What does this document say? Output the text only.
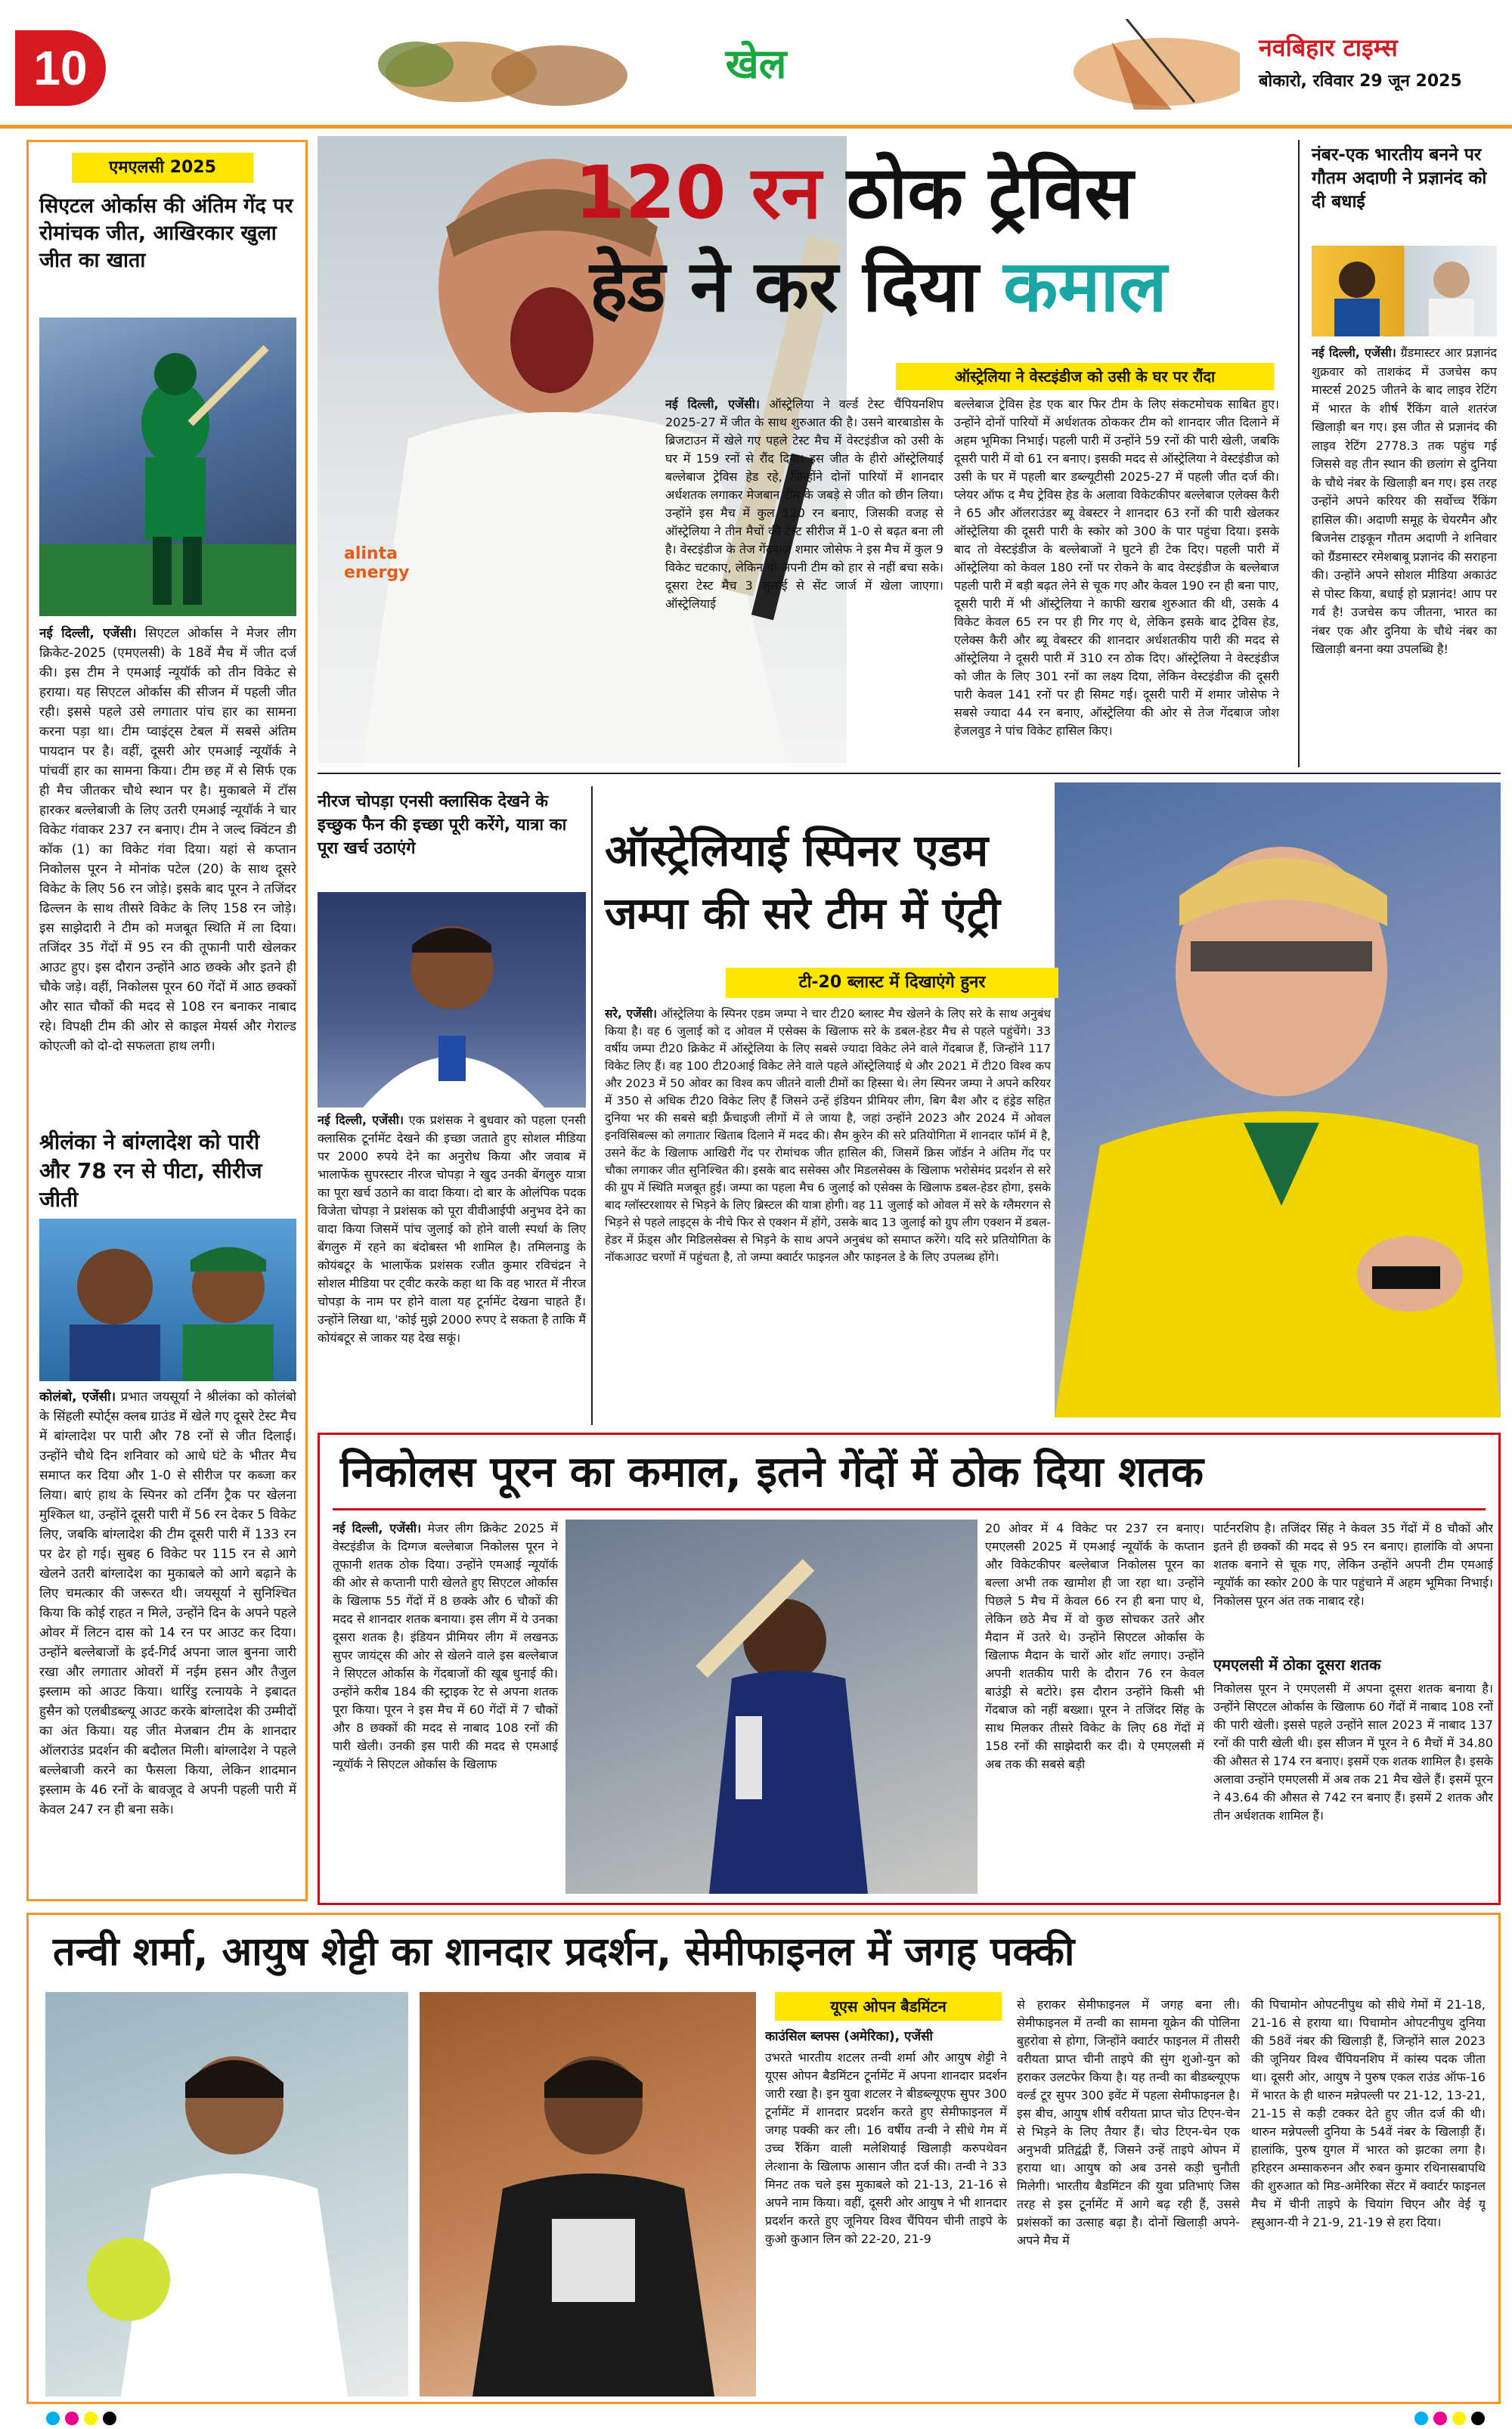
10	खेल	नवबिहार टाइम्स
बोकारो, रविवार 29 जून 2025
एमएलसी 2025
सिएटल ओर्कास की अंतिम गेंद पर रोमांचक जीत, आखिरकार खुला जीत का खाता
नई दिल्ली, एजेंसी। सिएटल ओर्कास ने मेजर लीग क्रिकेट-2025 (एमएलसी) के 18वें मैच में जीत दर्ज की। इस टीम ने एमआई न्यूयॉर्क को तीन विकेट से हराया। यह सिएटल ओर्कास की सीजन में पहली जीत रही। इससे पहले उसे लगातार पांच हार का सामना करना पड़ा था। टीम प्वाइंट्स टेबल में सबसे अंतिम पायदान पर है। वहीं, दूसरी ओर एमआई न्यूयॉर्क ने पांचवीं हार का सामना किया। टीम छह में से सिर्फ एक ही मैच जीतकर चौथे स्थान पर है। मुकाबले में टॉस हारकर बल्लेबाजी के लिए उतरी एमआई न्यूयॉर्क ने चार विकेट गंवाकर 237 रन बनाए। टीम ने जल्द क्विंटन डी कॉक (1) का विकेट गंवा दिया। यहां से कप्तान निकोलस पूरन ने मोनांक पटेल (20) के साथ दूसरे विकेट के लिए 56 रन जोड़े। इसके बाद पूरन ने तजिंदर ढिल्लन के साथ तीसरे विकेट के लिए 158 रन जोड़े। इस साझेदारी ने टीम को मजबूत स्थिति में ला दिया। तजिंदर 35 गेंदों में 95 रन की तूफानी पारी खेलकर आउट हुए। इस दौरान उन्होंने आठ छक्के और इतने ही चौके जड़े। वहीं, निकोलस पूरन 60 गेंदों में आठ छक्कों और सात चौकों की मदद से 108 रन बनाकर नाबाद रहे। विपक्षी टीम की ओर से काइल मेयर्स और गेराल्ड कोएत्जी को दो-दो सफलता हाथ लगी।
श्रीलंका ने बांग्लादेश को पारी और 78 रन से पीटा, सीरीज जीती
कोलंबो, एजेंसी। प्रभात जयसूर्या ने श्रीलंका को कोलंबो के सिंहली स्पोर्ट्स क्लब ग्राउंड में खेले गए दूसरे टेस्ट मैच में बांग्लादेश पर पारी और 78 रनों से जीत दिलाई। उन्होंने चौथे दिन शनिवार को आधे घंटे के भीतर मैच समाप्त कर दिया और 1-0 से सीरीज पर कब्जा कर लिया। बाएं हाथ के स्पिनर को टर्निंग ट्रैक पर खेलना मुश्किल था, उन्होंने दूसरी पारी में 56 रन देकर 5 विकेट लिए, जबकि बांग्लादेश की टीम दूसरी पारी में 133 रन पर ढेर हो गई। सुबह 6 विकेट पर 115 रन से आगे खेलने उतरी बांग्लादेश का मुकाबले को आगे बढ़ाने के लिए चमत्कार की जरूरत थी। जयसूर्या ने सुनिश्चित किया कि कोई राहत न मिले, उन्होंने दिन के अपने पहले ओवर में लिटन दास को 14 रन पर आउट कर दिया। उन्होंने बल्लेबाजों के इर्द-गिर्द अपना जाल बुनना जारी रखा और लगातार ओवरों में नईम हसन और तैजुल इस्लाम को आउट किया। थारिंडु रत्नायके ने इबादत हुसैन को एलबीडब्ल्यू आउट करके बांग्लादेश की उम्मीदों का अंत किया। यह जीत मेजबान टीम के शानदार ऑलराउंड प्रदर्शन की बदौलत मिली। बांग्लादेश ने पहले बल्लेबाजी करने का फैसला किया, लेकिन शादमान इस्लाम के 46 रनों के बावजूद वे अपनी पहली पारी में केवल 247 रन ही बना सके।
alinta energy
120 रन ठोक ट्रेविस
हेड ने कर दिया कमाल
ऑस्ट्रेलिया ने वेस्टइंडीज को उसी के घर पर रौंदा
नई दिल्ली, एजेंसी। ऑस्ट्रेलिया ने वर्ल्ड टेस्ट चैंपियनशिप 2025-27 में जीत के साथ शुरुआत की है। उसने बारबाडोस के ब्रिजटाउन में खेले गए पहले टेस्ट मैच में वेस्टइंडीज को उसी के घर में 159 रनों से रौंद दिया। इस जीत के हीरो ऑस्ट्रेलियाई बल्लेबाज ट्रेविस हेड रहे, जिन्होंने दोनों पारियों में शानदार अर्धशतक लगाकर मेजबान टीम के जबड़े से जीत को छीन लिया। उन्होंने इस मैच में कुल 120 रन बनाए, जिसकी वजह से ऑस्ट्रेलिया ने तीन मैचों की टेस्ट सीरीज में 1-0 से बढ़त बना ली है। वेस्टइंडीज के तेज गेंदबाज शमार जोसेफ ने इस मैच में कुल 9 विकेट चटकाए, लेकिन वो अपनी टीम को हार से नहीं बचा सके। दूसरा टेस्ट मैच 3 जुलाई से सेंट जार्ज में खेला जाएगा। ऑस्ट्रेलियाई
बल्लेबाज ट्रेविस हेड एक बार फिर टीम के लिए संकटमोचक साबित हुए। उन्होंने दोनों पारियों में अर्धशतक ठोककर टीम को शानदार जीत दिलाने में अहम भूमिका निभाई। पहली पारी में उन्होंने 59 रनों की पारी खेली, जबकि दूसरी पारी में वो 61 रन बनाए। इसकी मदद से ऑस्ट्रेलिया ने वेस्टइंडीज को उसी के घर में पहली बार डब्ल्यूटीसी 2025-27 में पहली जीत दर्ज की। प्लेयर ऑफ द मैच ट्रेविस हेड के अलावा विकेटकीपर बल्लेबाज एलेक्स कैरी ने 65 और ऑलराउंडर ब्यू वेबस्टर ने शानदार 63 रनों की पारी खेलकर ऑस्ट्रेलिया की दूसरी पारी के स्कोर को 300 के पार पहुंचा दिया। इसके बाद तो वेस्टइंडीज के बल्लेबाजों ने घुटने ही टेक दिए। पहली पारी में ऑस्ट्रेलिया को केवल 180 रनों पर रोकने के बाद वेस्टइंडीज के बल्लेबाज पहली पारी में बड़ी बढ़त लेने से चूक गए और केवल 190 रन ही बना पाए, दूसरी पारी में भी ऑस्ट्रेलिया ने काफी खराब शुरुआत की थी, उसके 4 विकेट केवल 65 रन पर ही गिर गए थे, लेकिन इसके बाद ट्रेविस हेड, एलेक्स कैरी और ब्यू वेबस्टर की शानदार अर्धशतकीय पारी की मदद से ऑस्ट्रेलिया ने दूसरी पारी में 310 रन ठोक दिए। ऑस्ट्रेलिया ने वेस्टइंडीज को जीत के लिए 301 रनों का लक्ष्य दिया, लेकिन वेस्टइंडीज की दूसरी पारी केवल 141 रनों पर ही सिमट गई। दूसरी पारी में शमार जोसेफ ने सबसे ज्यादा 44 रन बनाए, ऑस्ट्रेलिया की ओर से तेज गेंदबाज जोश हेजलवुड ने पांच विकेट हासिल किए।
नंबर-एक भारतीय बनने पर गौतम अदाणी ने प्रज्ञानंद को दी बधाई
नई दिल्ली, एजेंसी। ग्रैंडमास्टर आर प्रज्ञानंद शुक्रवार को ताशकंद में उजचेस कप मास्टर्स 2025 जीतने के बाद लाइव रेटिंग में भारत के शीर्ष रैंकिंग वाले शतरंज खिलाड़ी बन गए। इस जीत से प्रज्ञानंद की लाइव रेटिंग 2778.3 तक पहुंच गई जिससे वह तीन स्थान की छलांग से दुनिया के चौथे नंबर के खिलाड़ी बन गए। इस तरह उन्होंने अपने करियर की सर्वोच्च रैंकिंग हासिल की। अदाणी समूह के चेयरमैन और बिजनेस टाइकून गौतम अदाणी ने शनिवार को ग्रैंडमास्टर रमेशबाबू प्रज्ञानंद की सराहना की। उन्होंने अपने सोशल मीडिया अकाउंट से पोस्ट किया, बधाई हो प्रज्ञानंद! आप पर गर्व है! उजचेस कप जीतना, भारत का नंबर एक और दुनिया के चौथे नंबर का खिलाड़ी बनना क्या उपलब्धि है!
नीरज चोपड़ा एनसी क्लासिक देखने के इच्छुक फैन की इच्छा पूरी करेंगे, यात्रा का पूरा खर्च उठाएंगे
नई दिल्ली, एजेंसी। एक प्रशंसक ने बुधवार को पहला एनसी क्लासिक टूर्नामेंट देखने की इच्छा जताते हुए सोशल मीडिया पर 2000 रुपये देने का अनुरोध किया और जवाब में भालाफेंक सुपरस्टार नीरज चोपड़ा ने खुद उनकी बेंगलुरु यात्रा का पूरा खर्च उठाने का वादा किया। दो बार के ओलंपिक पदक विजेता चोपड़ा ने प्रशंसक को पूरा वीवीआईपी अनुभव देने का वादा किया जिसमें पांच जुलाई को होने वाली स्पर्धा के लिए बेंगलुरु में रहने का बंदोबस्त भी शामिल है। तमिलनाडु के कोयंबटूर के भालाफेंक प्रशंसक रजीत कुमार रविचंद्रन ने सोशल मीडिया पर ट्वीट करके कहा था कि वह भारत में नीरज चोपड़ा के नाम पर होने वाला यह टूर्नामेंट देखना चाहते हैं। उन्होंने लिखा था, 'कोई मुझे 2000 रुपए दे सकता है ताकि मैं कोयंबटूर से जाकर यह देख सकूं।
ऑस्ट्रेलियाई स्पिनर एडम
जम्पा की सरे टीम में एंट्री
टी-20 ब्लास्ट में दिखाएंगे हुनर
सरे, एजेंसी। ऑस्ट्रेलिया के स्पिनर एडम जम्पा ने चार टी20 ब्लास्ट मैच खेलने के लिए सरे के साथ अनुबंध किया है। वह 6 जुलाई को द ओवल में एसेक्स के खिलाफ सरे के डबल-हेडर मैच से पहले पहुंचेंगे। 33 वर्षीय जम्पा टी20 क्रिकेट में ऑस्ट्रेलिया के लिए सबसे ज्यादा विकेट लेने वाले गेंदबाज हैं, जिन्होंने 117 विकेट लिए हैं। वह 100 टी20आई विकेट लेने वाले पहले ऑस्ट्रेलियाई थे और 2021 में टी20 विश्व कप और 2023 में 50 ओवर का विश्व कप जीतने वाली टीमों का हिस्सा थे। लेग स्पिनर जम्पा ने अपने करियर में 350 से अधिक टी20 विकेट लिए हैं जिसने उन्हें इंडियन प्रीमियर लीग, बिग बैश और द हंड्रेड सहित दुनिया भर की सबसे बड़ी फ्रैंचाइजी लीगों में ले जाया है, जहां उन्होंने 2023 और 2024 में ओवल इनविंसिबल्स को लगातार खिताब दिलाने में मदद की। सैम कुरेन की सरे प्रतियोगिता में शानदार फॉर्म में है, उसने केंट के खिलाफ आखिरी गेंद पर रोमांचक जीत हासिल की, जिसमें क्रिस जॉर्डन ने अंतिम गेंद पर चौका लगाकर जीत सुनिश्चित की। इसके बाद ससेक्स और मिडलसेक्स के खिलाफ भरोसेमंद प्रदर्शन से सरे की ग्रुप में स्थिति मजबूत हुई। जम्पा का पहला मैच 6 जुलाई को एसेक्स के खिलाफ डबल-हेडर होगा, इसके बाद ग्लॉस्टरशायर से भिड़ने के लिए ब्रिस्टल की यात्रा होगी। वह 11 जुलाई को ओवल में सरे के ग्लैमरगन से भिड़ने से पहले लाइट्स के नीचे फिर से एक्शन में होंगे, उसके बाद 13 जुलाई को ग्रुप लीग एक्शन में डबल-हेडर में फ्रेंड्स और मिडिलसेक्स से भिड़ने के साथ अपने अनुबंध को समाप्त करेंगे। यदि सरे प्रतियोगिता के नॉकआउट चरणों में पहुंचता है, तो जम्पा क्वार्टर फाइनल और फाइनल डे के लिए उपलब्ध होंगे।
निकोलस पूरन का कमाल, इतने गेंदों में ठोक दिया शतक
नई दिल्ली, एजेंसी। मेजर लीग क्रिकेट 2025 में वेस्टइंडीज के दिग्गज बल्लेबाज निकोलस पूरन ने तूफानी शतक ठोक दिया। उन्होंने एमआई न्यूयॉर्क की ओर से कप्तानी पारी खेलते हुए सिएटल ओर्कास के खिलाफ 55 गेंदों में 8 छक्के और 6 चौकों की मदद से शानदार शतक बनाया। इस लीग में ये उनका दूसरा शतक है। इंडियन प्रीमियर लीग में लखनऊ सुपर जायंट्स की ओर से खेलने वाले इस बल्लेबाज ने सिएटल ओर्कास के गेंदबाजों की खूब धुनाई की। उन्होंने करीब 184 की स्ट्राइक रेट से अपना शतक पूरा किया। पूरन ने इस मैच में 60 गेंदों में 7 चौकों और 8 छक्कों की मदद से नाबाद 108 रनों की पारी खेली। उनकी इस पारी की मदद से एमआई न्यूयॉर्क ने सिएटल ओर्कास के खिलाफ
20 ओवर में 4 विकेट पर 237 रन बनाए। एमएलसी 2025 में एमआई न्यूयॉर्क के कप्तान और विकेटकीपर बल्लेबाज निकोलस पूरन का बल्ला अभी तक खामोश ही जा रहा था। उन्होंने पिछले 5 मैच में केवल 66 रन ही बना पाए थे, लेकिन छठे मैच में वो कुछ सोचकर उतरे और मैदान में उतरे थे। उन्होंने सिएटल ओर्कास के खिलाफ मैदान के चारों ओर शॉट लगाए। उन्होंने अपनी शतकीय पारी के दौरान 76 रन केवल बाउंड्री से बटोरे। इस दौरान उन्होंने किसी भी गेंदबाज को नहीं बख्शा। पूरन ने तजिंदर सिंह के साथ मिलकर तीसरे विकेट के लिए 68 गेंदों में 158 रनों की साझेदारी कर दी। ये एमएलसी में अब तक की सबसे बड़ी
पार्टनरशिप है। तजिंदर सिंह ने केवल 35 गेंदों में 8 चौकों और इतने ही छक्कों की मदद से 95 रन बनाए। हालांकि वो अपना शतक बनाने से चूक गए, लेकिन उन्होंने अपनी टीम एमआई न्यूयॉर्क का स्कोर 200 के पार पहुंचाने में अहम भूमिका निभाई। निकोलस पूरन अंत तक नाबाद रहे।
एमएलसी में ठोका दूसरा शतक
निकोलस पूरन ने एमएलसी में अपना दूसरा शतक बनाया है। उन्होंने सिएटल ओर्कास के खिलाफ 60 गेंदों में नाबाद 108 रनों की पारी खेली। इससे पहले उन्होंने साल 2023 में नाबाद 137 रनों की पारी खेली थी। इस सीजन में पूरन ने 6 मैचों में 34.80 की औसत से 174 रन बनाए। इसमें एक शतक शामिल है। इसके अलावा उन्होंने एमएलसी में अब तक 21 मैच खेले हैं। इसमें पूरन ने 43.64 की औसत से 742 रन बनाए हैं। इसमें 2 शतक और तीन अर्धशतक शामिल हैं।
तन्वी शर्मा, आयुष शेट्टी का शानदार प्रदर्शन, सेमीफाइनल में जगह पक्की
यूएस ओपन बैडमिंटन
काउंसिल ब्लफ्स (अमेरिका), एजेंसी
उभरते भारतीय शटलर तन्वी शर्मा और आयुष शेट्टी ने यूएस ओपन बैडमिंटन टूर्नामेंट में अपना शानदार प्रदर्शन जारी रखा है। इन युवा शटलर ने बीडब्ल्यूएफ सुपर 300 टूर्नामेंट में शानदार प्रदर्शन करते हुए सेमीफाइनल में जगह पक्की कर ली। 16 वर्षीय तन्वी ने सीधे गेम में उच्च रैंकिंग वाली मलेशियाई खिलाड़ी करुपथेवन लेत्शाना के खिलाफ आसान जीत दर्ज की। तन्वी ने 33 मिनट तक चले इस मुकाबले को 21-13, 21-16 से अपने नाम किया। वहीं, दूसरी ओर आयुष ने भी शानदार प्रदर्शन करते हुए जूनियर विश्व चैंपियन चीनी ताइपे के कुओ कुआन लिन को 22-20, 21-9
से हराकर सेमीफाइनल में जगह बना ली। सेमीफाइनल में तन्वी का सामना यूक्रेन की पोलिना बुहरोवा से होगा, जिन्होंने क्वार्टर फाइनल में तीसरी वरीयता प्राप्त चीनी ताइपे की सुंग शुओ-युन को हराकर उलटफेर किया है। यह तन्वी का बीडब्ल्यूएफ वर्ल्ड टूर सुपर 300 इवेंट में पहला सेमीफाइनल है। इस बीच, आयुष शीर्ष वरीयता प्राप्त चोउ टिएन-चेन से भिड़ने के लिए तैयार हैं। चोउ टिएन-चेन एक अनुभवी प्रतिद्वंद्वी हैं, जिसने उन्हें ताइपे ओपन में हराया था। आयुष को अब उनसे कड़ी चुनौती मिलेगी। भारतीय बैडमिंटन की युवा प्रतिभाएं जिस तरह से इस टूर्नामेंट में आगे बढ़ रही हैं, उससे प्रशंसकों का उत्साह बढ़ा है। दोनों खिलाड़ी अपने-अपने मैच में
की पिचामोन ओपटनीपुथ को सीधे गेमों में 21-18, 21-16 से हराया था। पिचामोन ओपटनीपुथ दुनिया की 58वें नंबर की खिलाड़ी हैं, जिन्होंने साल 2023 की जूनियर विश्व चैंपियनशिप में कांस्य पदक जीता था। दूसरी ओर, आयुष ने पुरुष एकल राउंड ऑफ-16 में भारत के ही थारुन मन्नेपल्ली पर 21-12, 13-21, 21-15 से कड़ी टक्कर देते हुए जीत दर्ज की थी। थारुन मन्नेपल्ली दुनिया के 54वें नंबर के खिलाड़ी हैं। हालांकि, पुरुष युगल में भारत को झटका लगा है। हरिहरन अम्साकरुनन और रुबन कुमार रथिनासबापथि की शुरुआत को मिड-अमेरिका सेंटर में क्वार्टर फाइनल मैच में चीनी ताइपे के चियांग चिएन और वेई यू ह्सुआन-यी ने 21-9, 21-19 से हरा दिया।
